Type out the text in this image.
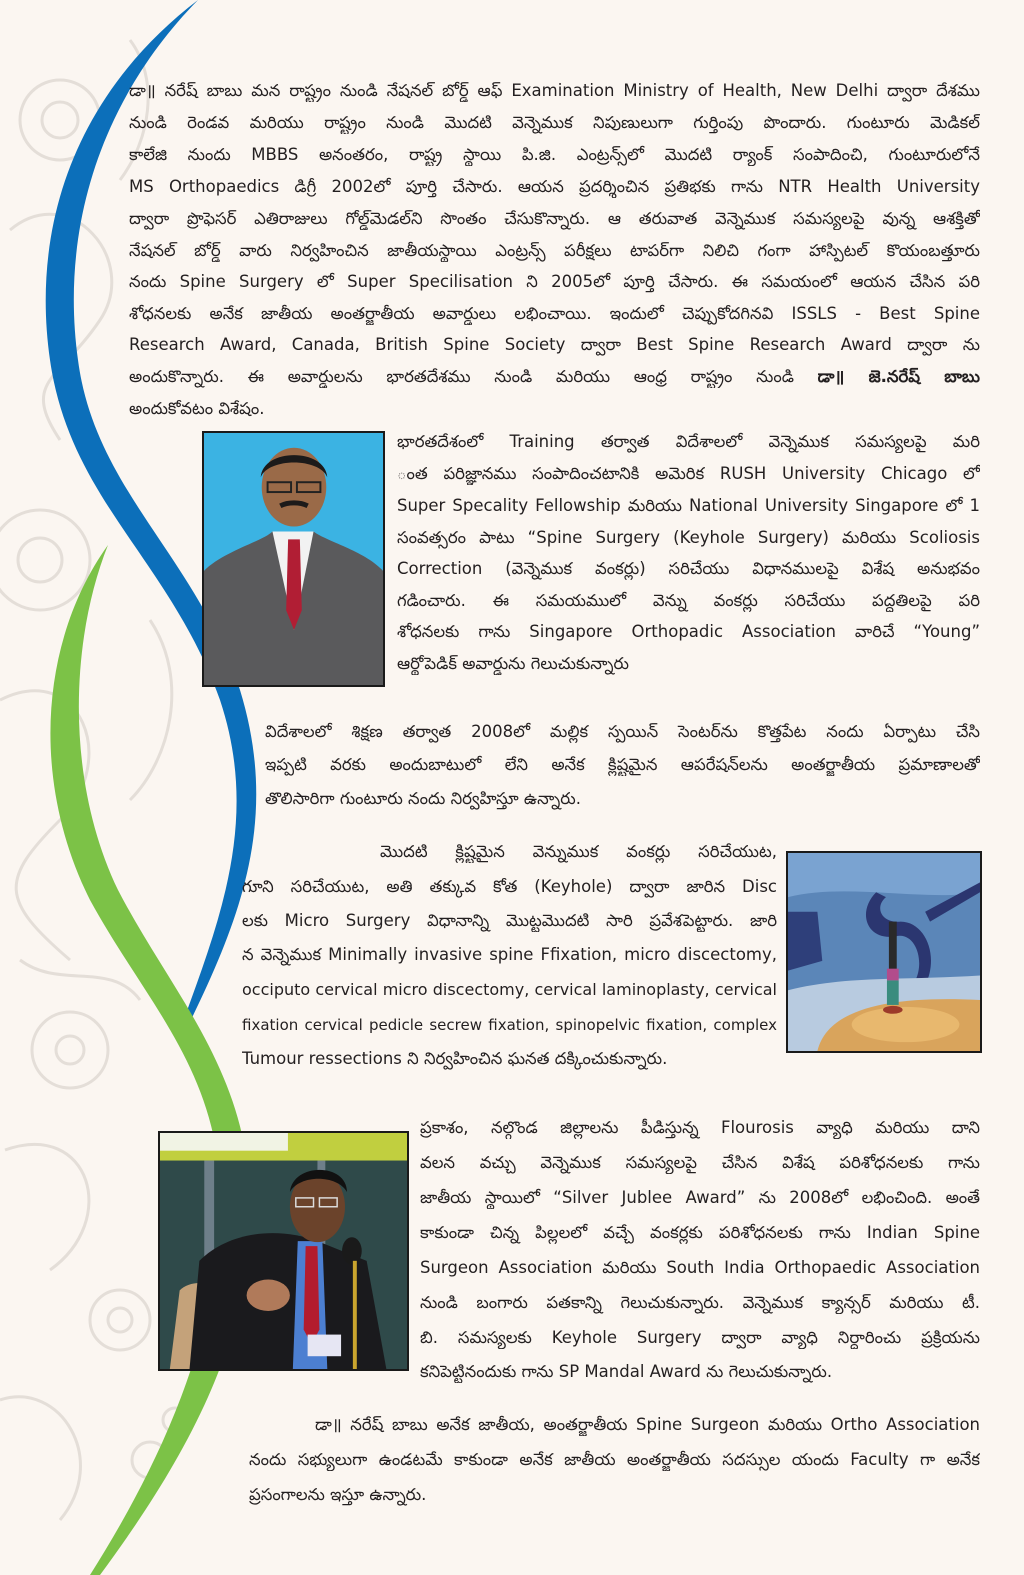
డా॥ నరేష్ బాబు మన రాష్ట్రం నుండి నేషనల్ బోర్డ్ ఆఫ్ Examination Ministry of Health, New Delhi ద్వారా దేశము
నుండి రెండవ మరియు రాష్ట్రం నుండి మొదటి వెన్నెముక నిపుణులుగా గుర్తింపు పొందారు. గుంటూరు మెడికల్
కాలేజి నుందు MBBS అనంతరం, రాష్ట్ర స్థాయి పి.జి. ఎంట్రన్స్‌లో మొదటి ర్యాంక్ సంపాదించి, గుంటూరులోనే
MS Orthopaedics డిగ్రీ 2002లో పూర్తి చేసారు. ఆయన ప్రదర్శించిన ప్రతిభకు గాను NTR Health University
ద్వారా ప్రొఫెసర్ ఎతిరాజులు గోల్డ్‌మెడల్‌ని సొంతం చేసుకొన్నారు. ఆ తరువాత వెన్నెముక సమస్యలపై వున్న ఆశక్తితో
నేషనల్ బోర్డ్ వారు నిర్వహించిన జాతీయస్థాయి ఎంట్రన్స్ పరీక్షలు టాపర్‌గా నిలిచి గంగా హాస్పిటల్ కొయంబత్తూరు
నందు Spine Surgery లో Super Specilisation ని 2005లో పూర్తి చేసారు. ఈ సమయంలో ఆయన చేసిన పరి
శోధనలకు అనేక జాతీయ అంతర్జాతీయ అవార్డులు లభించాయి. ఇందులో చెప్పుకోదగినవి ISSLS - Best Spine
Research Award, Canada, British Spine Society ద్వారా Best Spine Research Award ద్వారా ను
అందుకొన్నారు. ఈ అవార్డులను భారతదేశము నుండి మరియు ఆంధ్ర రాష్ట్రం నుండి డా॥ జె.నరేష్ బాబు
అందుకోవటం విశేషం.
భారతదేశంలో Training తర్వాత విదేశాలలో వెన్నెముక సమస్యలపై మరి
ంత పరిజ్ఞానము సంపాదించటానికి అమెరిక RUSH University Chicago లో
Super Specality Fellowship మరియు National University Singapore లో 1
సంవత్సరం పాటు “Spine Surgery (Keyhole Surgery) మరియు Scoliosis
Correction (వెన్నెముక వంకర్లు) సరిచేయు విధానములపై విశేష అనుభవం
గడించారు. ఈ సమయములో వెన్ను వంకర్లు సరిచేయు పద్ధతిలపై పరి
శోధనలకు గాను Singapore Orthopadic Association వారిచే “Young”
ఆర్థోపెడిక్ అవార్డును గెలుచుకున్నారు
విదేశాలలో శిక్షణ తర్వాత 2008లో మల్లిక స్పయిన్ సెంటర్‌ను కొత్తపేట నందు ఏర్పాటు చేసి
ఇప్పటి వరకు అందుబాటులో లేని అనేక క్లిష్టమైన ఆపరేషన్‌లను అంతర్జాతీయ ప్రమాణాలతో
తొలిసారిగా గుంటూరు నందు నిర్వహిస్తూ ఉన్నారు.
మొదటి క్లిష్టమైన వెన్నుముక వంకర్లు సరిచేయుట,
గూని సరిచేయుట, అతి తక్కువ కోత (Keyhole) ద్వారా జారిన Disc
లకు Micro Surgery విధానాన్ని మొట్టమొదటి సారి ప్రవేశపెట్టారు. జారి
న వెన్నెముక Minimally invasive spine Ffixation, micro discectomy,
occiputo cervical micro discectomy, cervical laminoplasty, cervical
fixation cervical pedicle secrew fixation, spinopelvic fixation, complex
Tumour ressections ని నిర్వహించిన ఘనత దక్కించుకున్నారు.
ప్రకాశం, నల్గొండ జిల్లాలను పీడిస్తున్న Flourosis వ్యాధి మరియు దాని
వలన వచ్చు వెన్నెముక సమస్యలపై చేసిన విశేష పరిశోధనలకు గాను
జాతీయ స్థాయిలో “Silver Jublee Award” ను 2008లో లభించింది. అంతే
కాకుండా చిన్న పిల్లలలో వచ్చే వంకర్లకు పరిశోధనలకు గాను Indian Spine
Surgeon Association మరియు South India Orthopaedic Association
నుండి బంగారు పతకాన్ని గెలుచుకున్నారు. వెన్నెముక క్యాన్సర్ మరియు టీ.
బి. సమస్యలకు Keyhole Surgery ద్వారా వ్యాధి నిర్ధారించు ప్రక్రియను
కనిపెట్టినందుకు గాను SP Mandal Award ను గెలుచుకున్నారు.
డా॥ నరేష్ బాబు అనేక జాతీయ, అంతర్జాతీయ Spine Surgeon మరియు Ortho Association
నందు సభ్యులుగా ఉండటమే కాకుండా అనేక జాతీయ అంతర్జాతీయ సదస్సుల యందు Faculty గా అనేక
ప్రసంగాలను ఇస్తూ ఉన్నారు.
